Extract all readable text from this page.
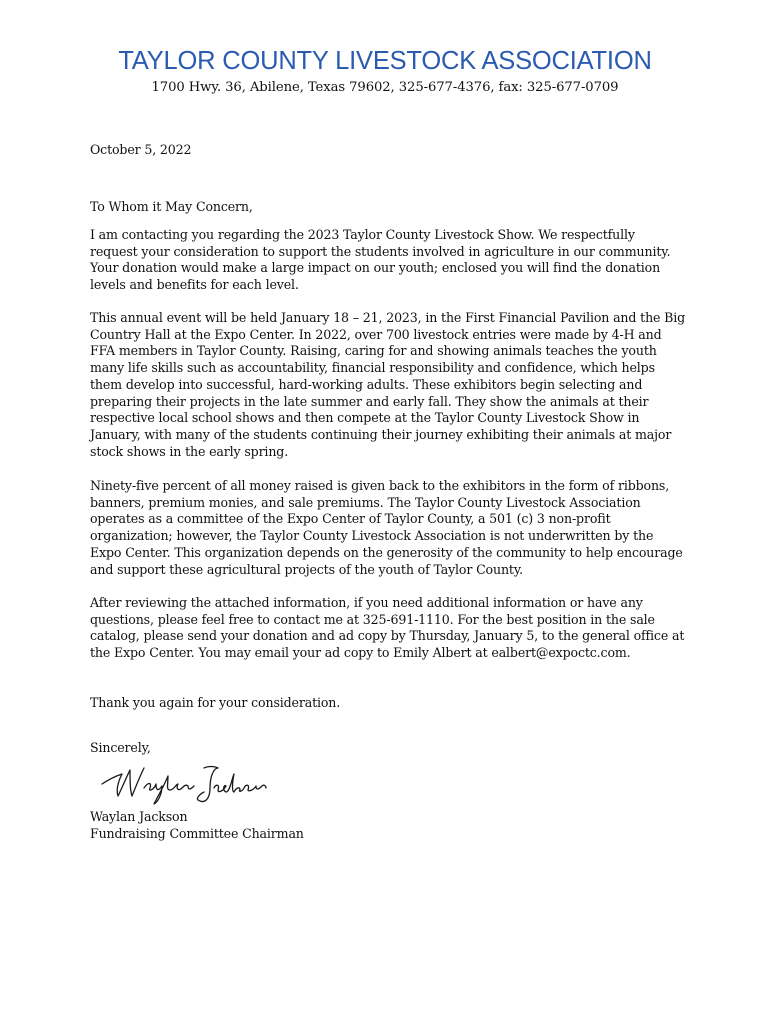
TAYLOR COUNTY LIVESTOCK ASSOCIATION
1700 Hwy. 36, Abilene, Texas 79602, 325-677-4376, fax: 325-677-0709
October 5, 2022
To Whom it May Concern,

I am contacting you regarding the 2023 Taylor County Livestock Show. We respectfully request your consideration to support the students involved in agriculture in our community. Your donation would make a large impact on our youth; enclosed you will find the donation levels and benefits for each level.

This annual event will be held January 18 – 21, 2023, in the First Financial Pavilion and the Big Country Hall at the Expo Center. In 2022, over 700 livestock entries were made by 4-H and FFA members in Taylor County. Raising, caring for and showing animals teaches the youth many life skills such as accountability, financial responsibility and confidence, which helps them develop into successful, hard-working adults. These exhibitors begin selecting and preparing their projects in the late summer and early fall. They show the animals at their respective local school shows and then compete at the Taylor County Livestock Show in January, with many of the students continuing their journey exhibiting their animals at major stock shows in the early spring.

Ninety-five percent of all money raised is given back to the exhibitors in the form of ribbons, banners, premium monies, and sale premiums. The Taylor County Livestock Association operates as a committee of the Expo Center of Taylor County, a 501 (c) 3 non-profit organization; however, the Taylor County Livestock Association is not underwritten by the Expo Center. This organization depends on the generosity of the community to help encourage and support these agricultural projects of the youth of Taylor County.

After reviewing the attached information, if you need additional information or have any questions, please feel free to contact me at 325-691-1110. For the best position in the sale catalog, please send your donation and ad copy by Thursday, January 5, to the general office at the Expo Center. You may email your ad copy to Emily Albert at ealbert@expoctc.com.

Thank you again for your consideration.
Sincerely,
Waylan Jackson
Fundraising Committee Chairman
